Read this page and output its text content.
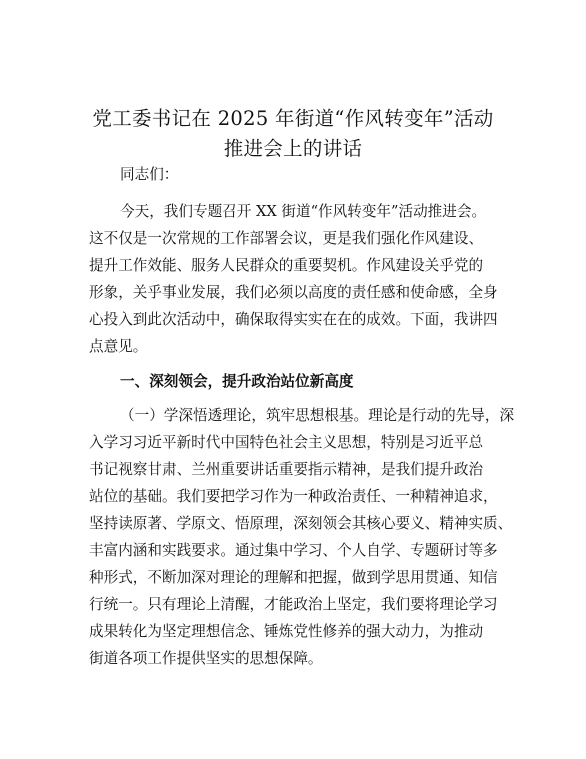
党工委书记在 2025 年街道“作风转变年”活动
推进会上的讲话

同志们：

今天，我们专题召开 XX 街道“作风转变年”活动推进会。

这不仅是一次常规的工作部署会议，更是我们强化作风建设、

提升工作效能、服务人民群众的重要契机。作风建设关乎党的

形象，关乎事业发展，我们必须以高度的责任感和使命感，全身

心投入到此次活动中，确保取得实实在在的成效。下面，我讲四

点意见。

一、深刻领会，提升政治站位新高度

（一）学深悟透理论，筑牢思想根基。理论是行动的先导，深

入学习习近平新时代中国特色社会主义思想，特别是习近平总

书记视察甘肃、兰州重要讲话重要指示精神，是我们提升政治

站位的基础。我们要把学习作为一种政治责任、一种精神追求，

坚持读原著、学原文、悟原理，深刻领会其核心要义、精神实质、

丰富内涵和实践要求。通过集中学习、个人自学、专题研讨等多

种形式，不断加深对理论的理解和把握，做到学思用贯通、知信

行统一。只有理论上清醒，才能政治上坚定，我们要将理论学习

成果转化为坚定理想信念、锤炼党性修养的强大动力，为推动

街道各项工作提供坚实的思想保障。
